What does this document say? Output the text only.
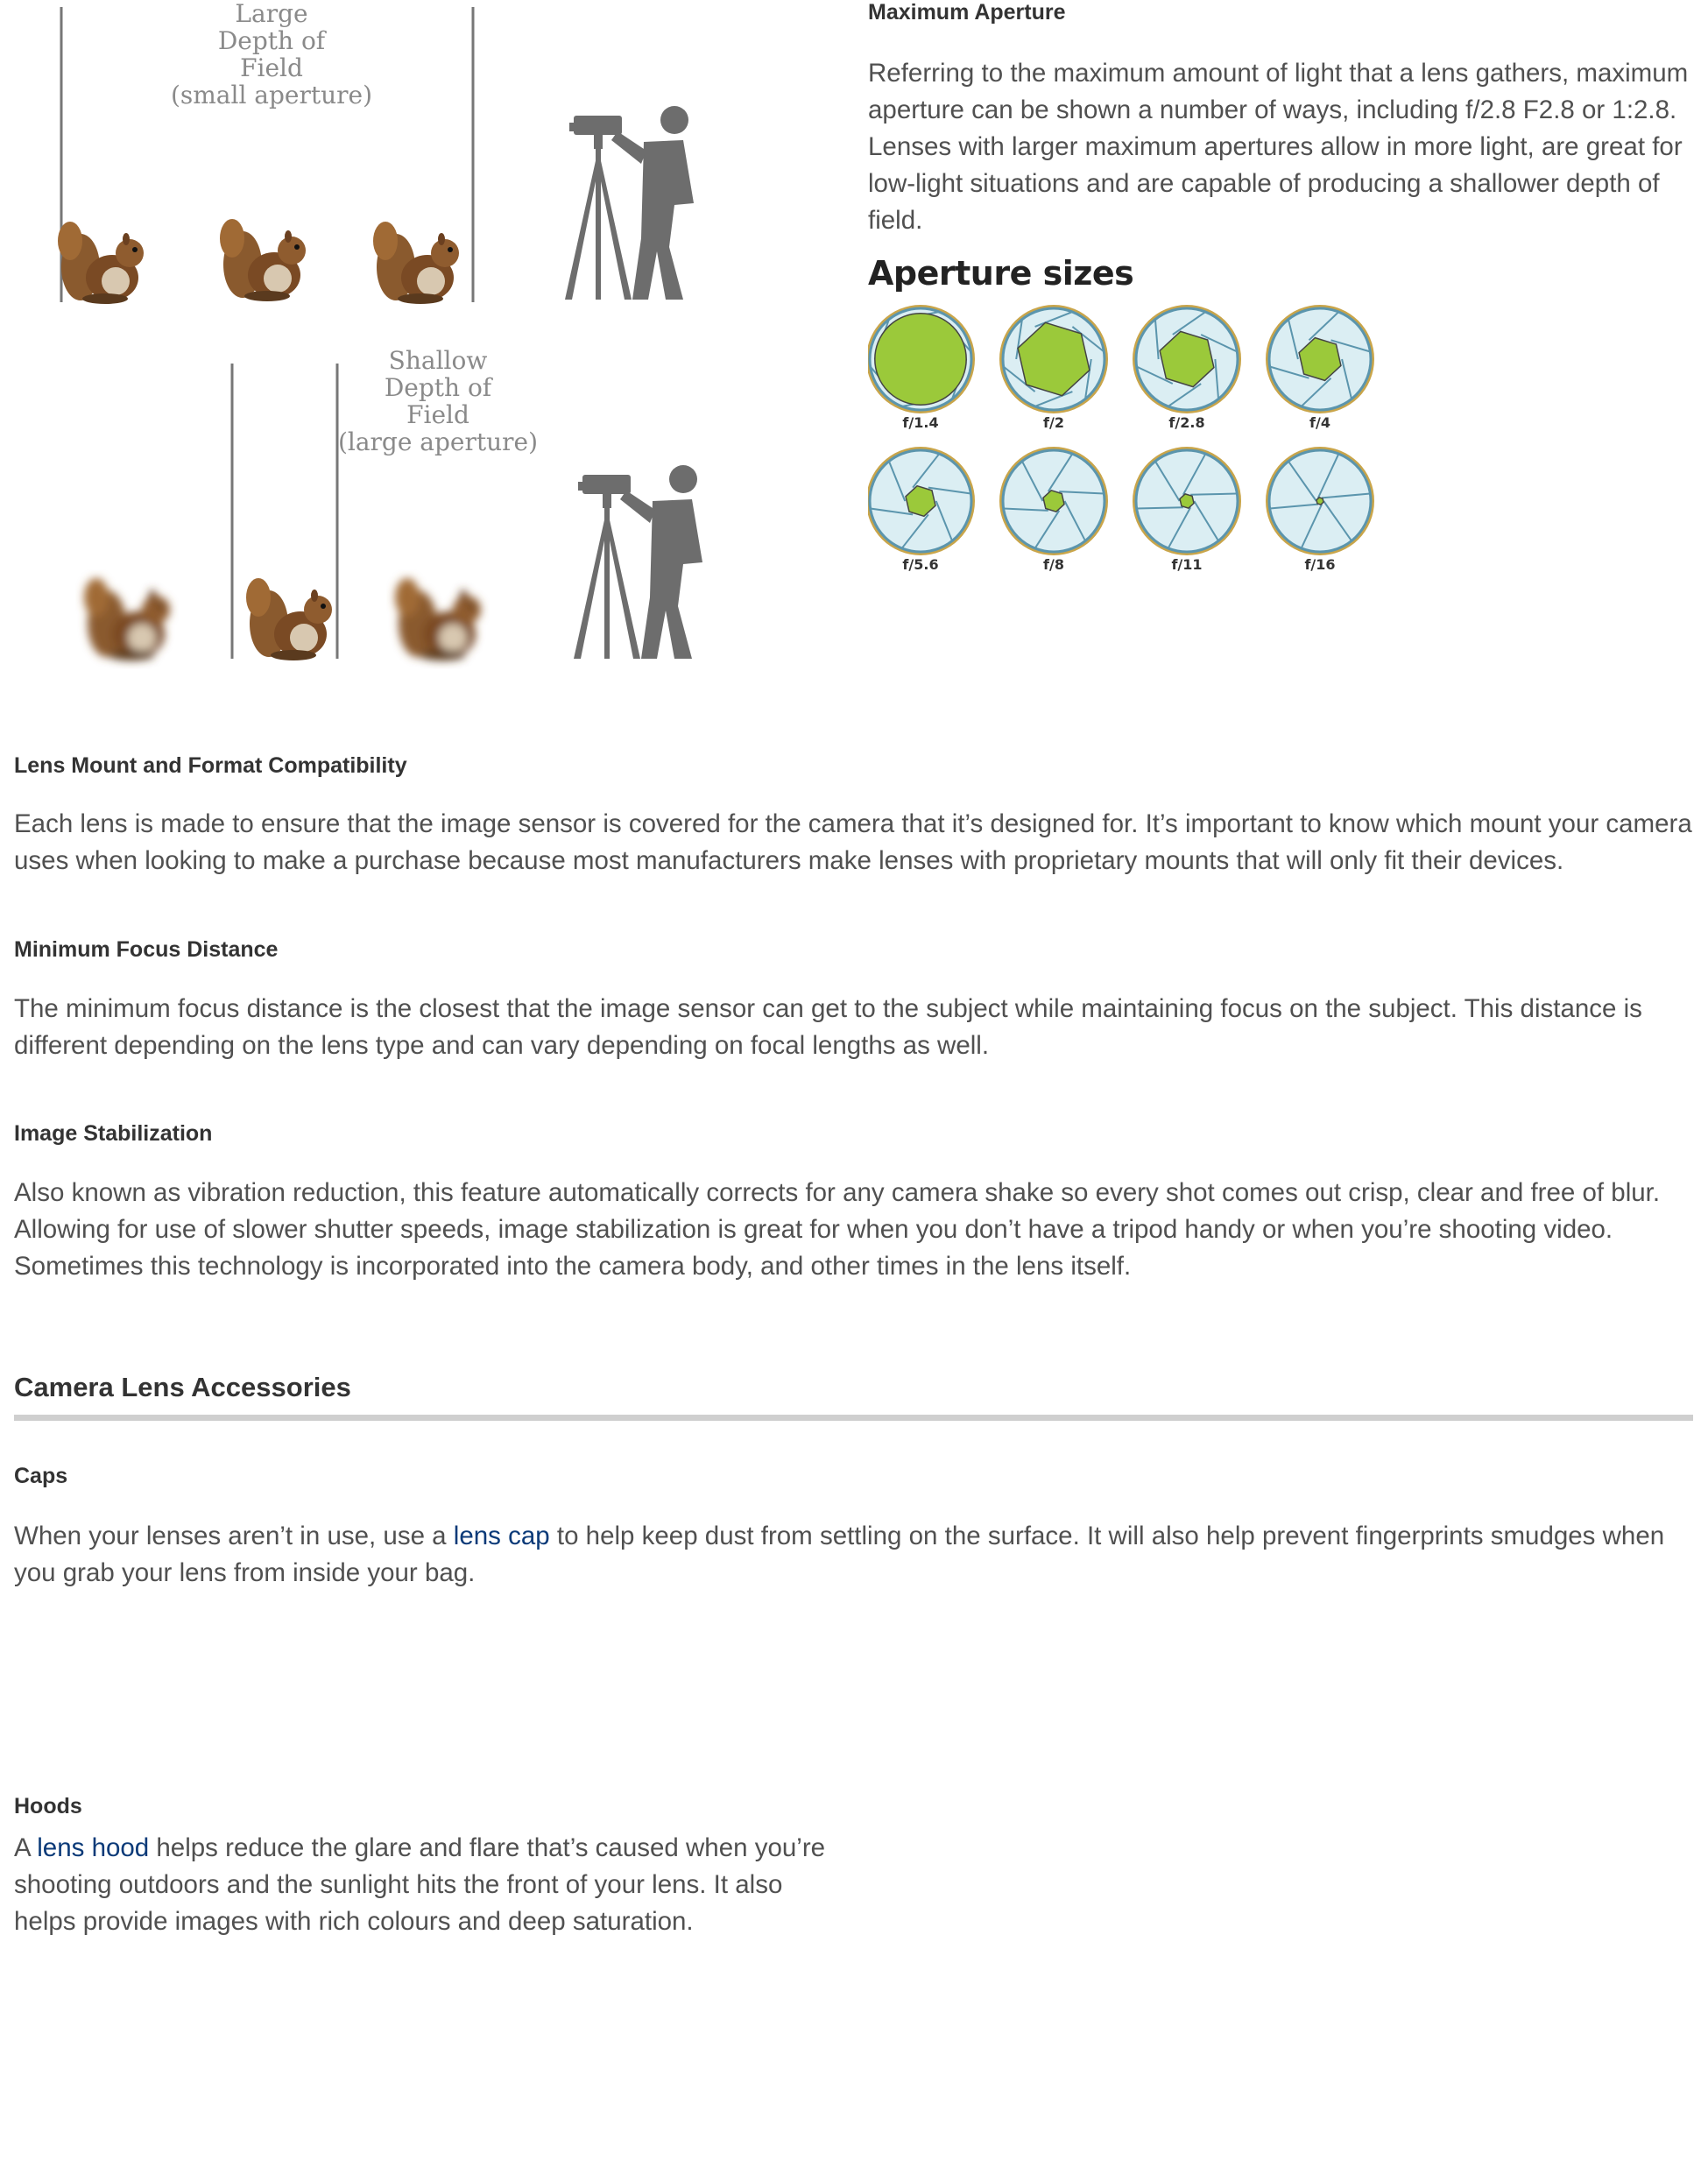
Large
Depth of
Field
(small aperture)
Shallow
Depth of
Field
(large aperture)
Maximum Aperture

Referring to the maximum amount of light that a lens gathers, maximum aperture can be shown a number of ways, including f/2.8 F2.8 or 1:2.8. Lenses with larger maximum apertures allow in more light, are great for low-light situations and are capable of producing a shallower depth of field.

Aperture sizes
f/1.4	f/2	f/2.8	f/4
f/5.6	f/8	f/11	f/16
Lens Mount and Format Compatibility

Each lens is made to ensure that the image sensor is covered for the camera that it’s designed for. It’s important to know which mount your camera uses when looking to make a purchase because most manufacturers make lenses with proprietary mounts that will only fit their devices.

Minimum Focus Distance

The minimum focus distance is the closest that the image sensor can get to the subject while maintaining focus on the subject. This distance is different depending on the lens type and can vary depending on focal lengths as well.

Image Stabilization

Also known as vibration reduction, this feature automatically corrects for any camera shake so every shot comes out crisp, clear and free of blur. Allowing for use of slower shutter speeds, image stabilization is great for when you don’t have a tripod handy or when you’re shooting video. Sometimes this technology is incorporated into the camera body, and other times in the lens itself.

Camera Lens Accessories
Caps

When your lenses aren’t in use, use a lens cap to help keep dust from settling on the surface. It will also help prevent fingerprints smudges when you grab your lens from inside your bag.

Hoods

A lens hood helps reduce the glare and flare that’s caused when you’re shooting outdoors and the sunlight hits the front of your lens. It also helps provide images with rich colours and deep saturation.
